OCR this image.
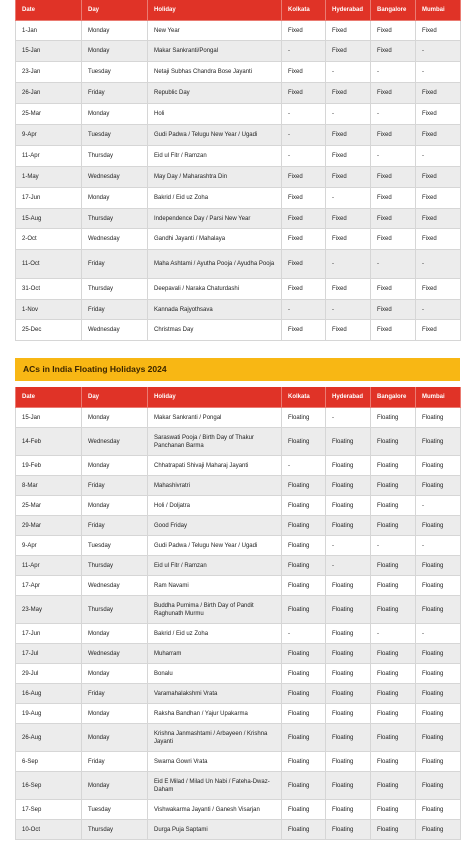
Date	Day	Holiday	Kolkata	Hyderabad	Bangalore	Mumbai
1-Jan	Monday	New Year	Fixed	Fixed	Fixed	Fixed
15-Jan	Monday	Makar Sankranti/Pongal	-	Fixed	Fixed	-
23-Jan	Tuesday	Netaji Subhas Chandra Bose Jayanti	Fixed	-	-	-
26-Jan	Friday	Republic Day	Fixed	Fixed	Fixed	Fixed
25-Mar	Monday	Holi	-	-	-	Fixed
9-Apr	Tuesday	Gudi Padwa / Telugu New Year / Ugadi	-	Fixed	Fixed	Fixed
11-Apr	Thursday	Eid ul Fitr / Ramzan	-	Fixed	-	-
1-May	Wednesday	May Day / Maharashtra Din	Fixed	Fixed	Fixed	Fixed
17-Jun	Monday	Bakrid / Eid uz Zoha	Fixed	-	Fixed	Fixed
15-Aug	Thursday	Independence Day / Parsi New Year	Fixed	Fixed	Fixed	Fixed
2-Oct	Wednesday	Gandhi Jayanti / Mahalaya	Fixed	Fixed	Fixed	Fixed
11-Oct	Friday	Maha Ashtami / Ayutha Pooja / Ayudha Pooja	Fixed	-	-	-
31-Oct	Thursday	Deepavali / Naraka Chaturdashi	Fixed	Fixed	Fixed	Fixed
1-Nov	Friday	Kannada Rajyothsava	-	-	Fixed	-
25-Dec	Wednesday	Christmas Day	Fixed	Fixed	Fixed	Fixed
ACs in India Floating Holidays 2024
Date	Day	Holiday	Kolkata	Hyderabad	Bangalore	Mumbai
15-Jan	Monday	Makar Sankranti / Pongal	Floating	-	Floating	Floating
14-Feb	Wednesday	Saraswati Pooja / Birth Day of Thakur Panchanan Barma	Floating	Floating	Floating	Floating
19-Feb	Monday	Chhatrapati Shivaji Maharaj Jayanti	-	Floating	Floating	Floating
8-Mar	Friday	Mahashivratri	Floating	Floating	Floating	Floating
25-Mar	Monday	Holi / Doljatra	Floating	Floating	Floating	-
29-Mar	Friday	Good Friday	Floating	Floating	Floating	Floating
9-Apr	Tuesday	Gudi Padwa / Telugu New Year / Ugadi	Floating	-	-	-
11-Apr	Thursday	Eid ul Fitr / Ramzan	Floating	-	Floating	Floating
17-Apr	Wednesday	Ram Navami	Floating	Floating	Floating	Floating
23-May	Thursday	Buddha Purnima / Birth Day of Pandit Raghunath Murmu	Floating	Floating	Floating	Floating
17-Jun	Monday	Bakrid / Eid uz Zoha	-	Floating	-	-
17-Jul	Wednesday	Muharram	Floating	Floating	Floating	Floating
29-Jul	Monday	Bonalu	Floating	Floating	Floating	Floating
16-Aug	Friday	Varamahalakshmi Vrata	Floating	Floating	Floating	Floating
19-Aug	Monday	Raksha Bandhan / Yajur Upakarma	Floating	Floating	Floating	Floating
26-Aug	Monday	Krishna Janmashtami / Arbayeen / Krishna Jayanti	Floating	Floating	Floating	Floating
6-Sep	Friday	Swarna Gowri Vrata	Floating	Floating	Floating	Floating
16-Sep	Monday	Eid E Milad / Milad Un Nabi / Fateha-Dwaz-Daham	Floating	Floating	Floating	Floating
17-Sep	Tuesday	Vishwakarma Jayanti / Ganesh Visarjan	Floating	Floating	Floating	Floating
10-Oct	Thursday	Durga Puja Saptami	Floating	Floating	Floating	Floating
